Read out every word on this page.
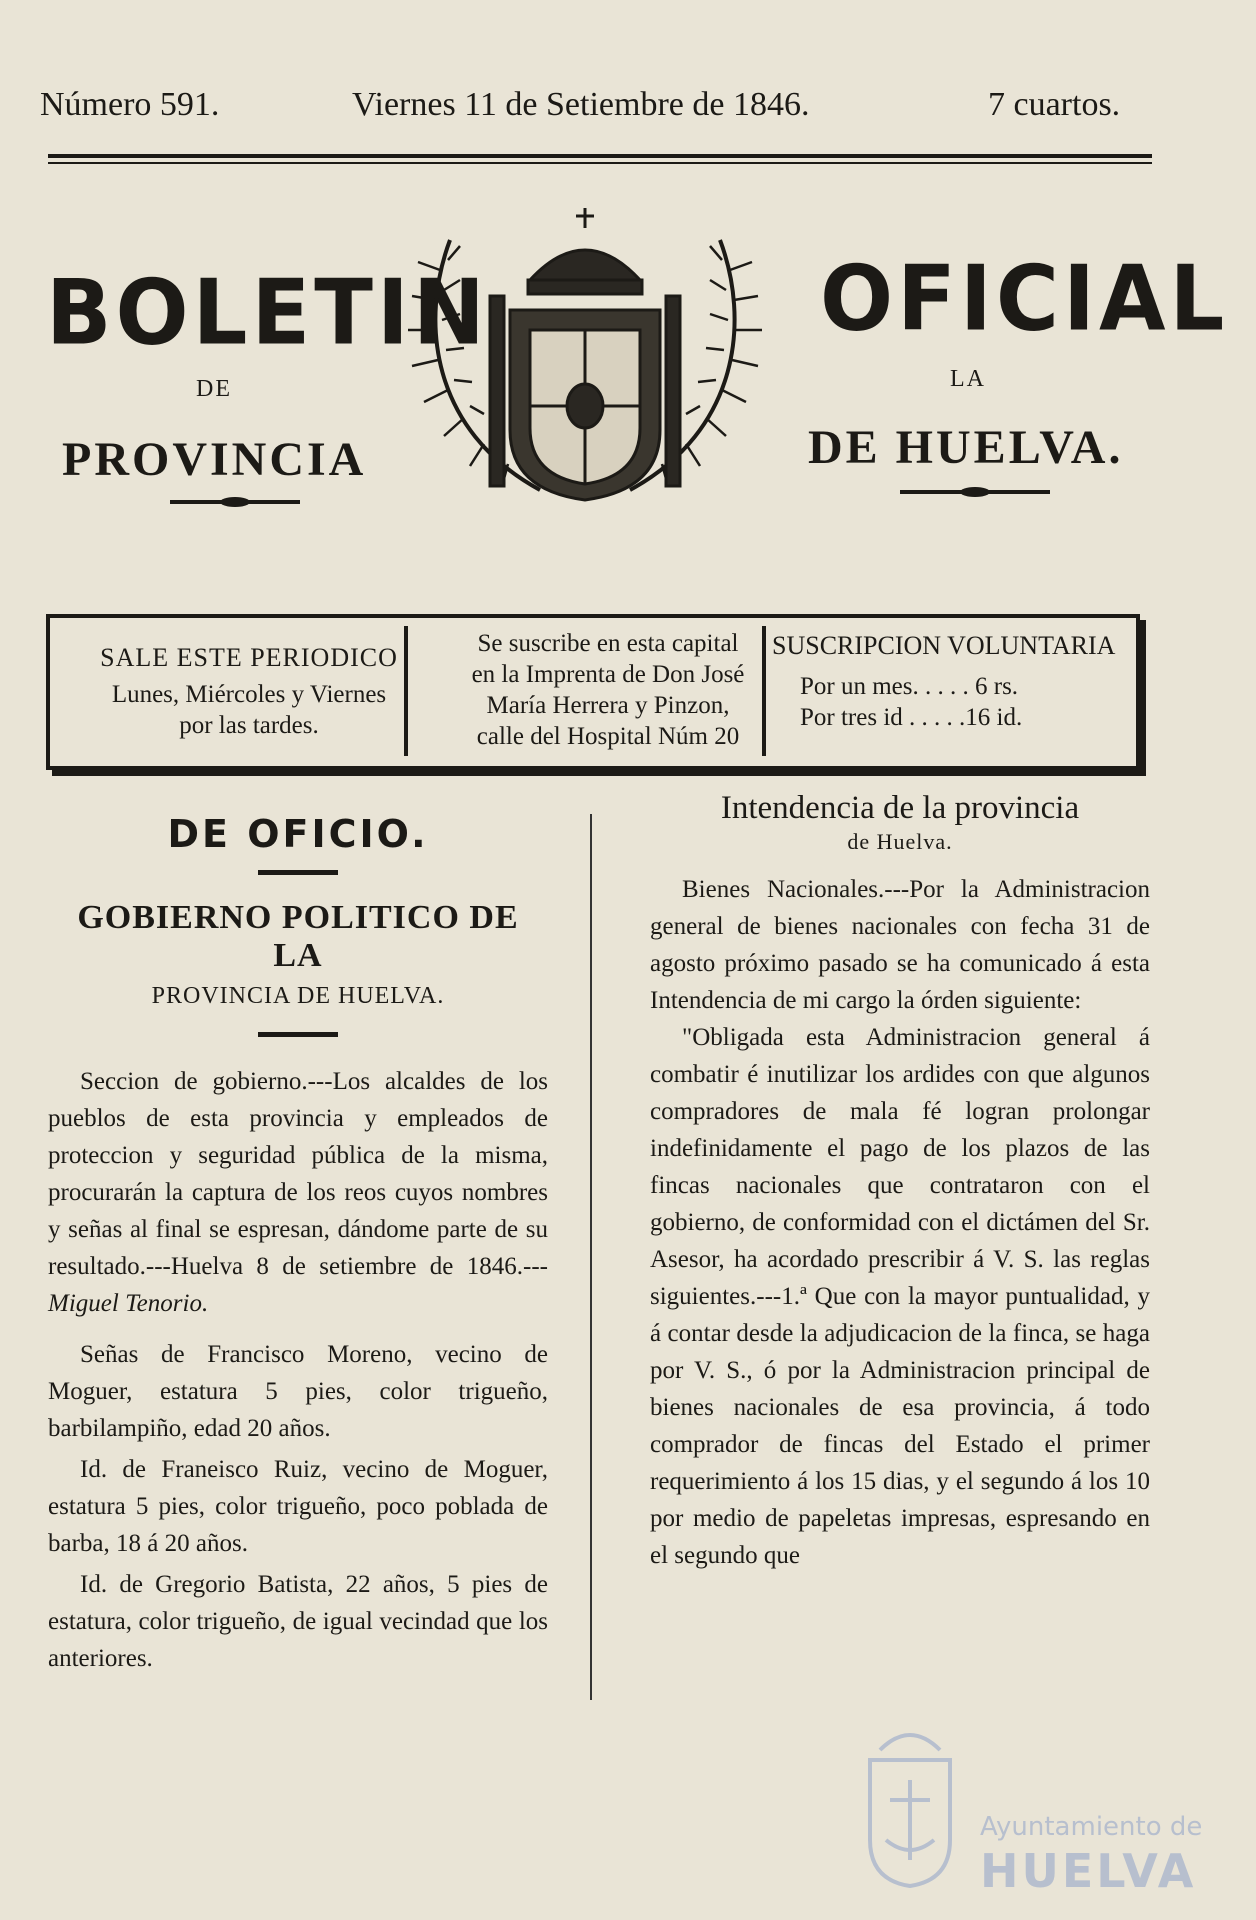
Número 591.	Viernes 11 de Setiembre de 1846.	7 cuartos.
BOLETIN	OFICIAL
DE	LA
PROVINCIA	DE HUELVA.
SALE ESTE PERIODICO
Lunes, Miércoles y Viernes
por las tardes.
Se suscribe en esta capital
en la Imprenta de Don José
María Herrera y Pinzon,
calle del Hospital Núm 20
SUSCRIPCION VOLUNTARIA
Por un mes. . . . . 6 rs.
Por tres id . . . . .16 id.
DE OFICIO.

GOBIERNO POLITICO DE LA

PROVINCIA DE HUELVA.

Seccion de gobierno.---Los alcaldes de los pueblos de esta provincia y empleados de proteccion y seguridad pública de la misma, procurarán la captura de los reos cuyos nombres y señas al final se espresan, dándome parte de su resultado.---Huelva 8 de setiembre de 1846.---Miguel Tenorio.

Señas de Francisco Moreno, vecino de Moguer, estatura 5 pies, color trigueño, barbilampiño, edad 20 años.

Id. de Franeisco Ruiz, vecino de Moguer, estatura 5 pies, color trigueño, poco poblada de barba, 18 á 20 años.

Id. de Gregorio Batista, 22 años, 5 pies de estatura, color trigueño, de igual vecindad que los anteriores.

Intendencia de la provincia

de Huelva.

Bienes Nacionales.---Por la Administracion general de bienes nacionales con fecha 31 de agosto próximo pasado se ha comunicado á esta Intendencia de mi cargo la órden siguiente:

"Obligada esta Administracion general á combatir é inutilizar los ardides con que algunos compradores de mala fé logran prolongar indefinidamente el pago de los plazos de las fincas nacionales que contrataron con el gobierno, de conformidad con el dictámen del Sr. Asesor, ha acordado prescribir á V. S. las reglas siguientes.---1.ª Que con la mayor puntualidad, y á contar desde la adjudicacion de la finca, se haga por V. S., ó por la Administracion principal de bienes nacionales de esa provincia, á todo comprador de fincas del Estado el primer requerimiento á los 15 dias, y el segundo á los 10 por medio de papeletas impresas, espresando en el segundo que

Ayuntamiento de
HUELVA
